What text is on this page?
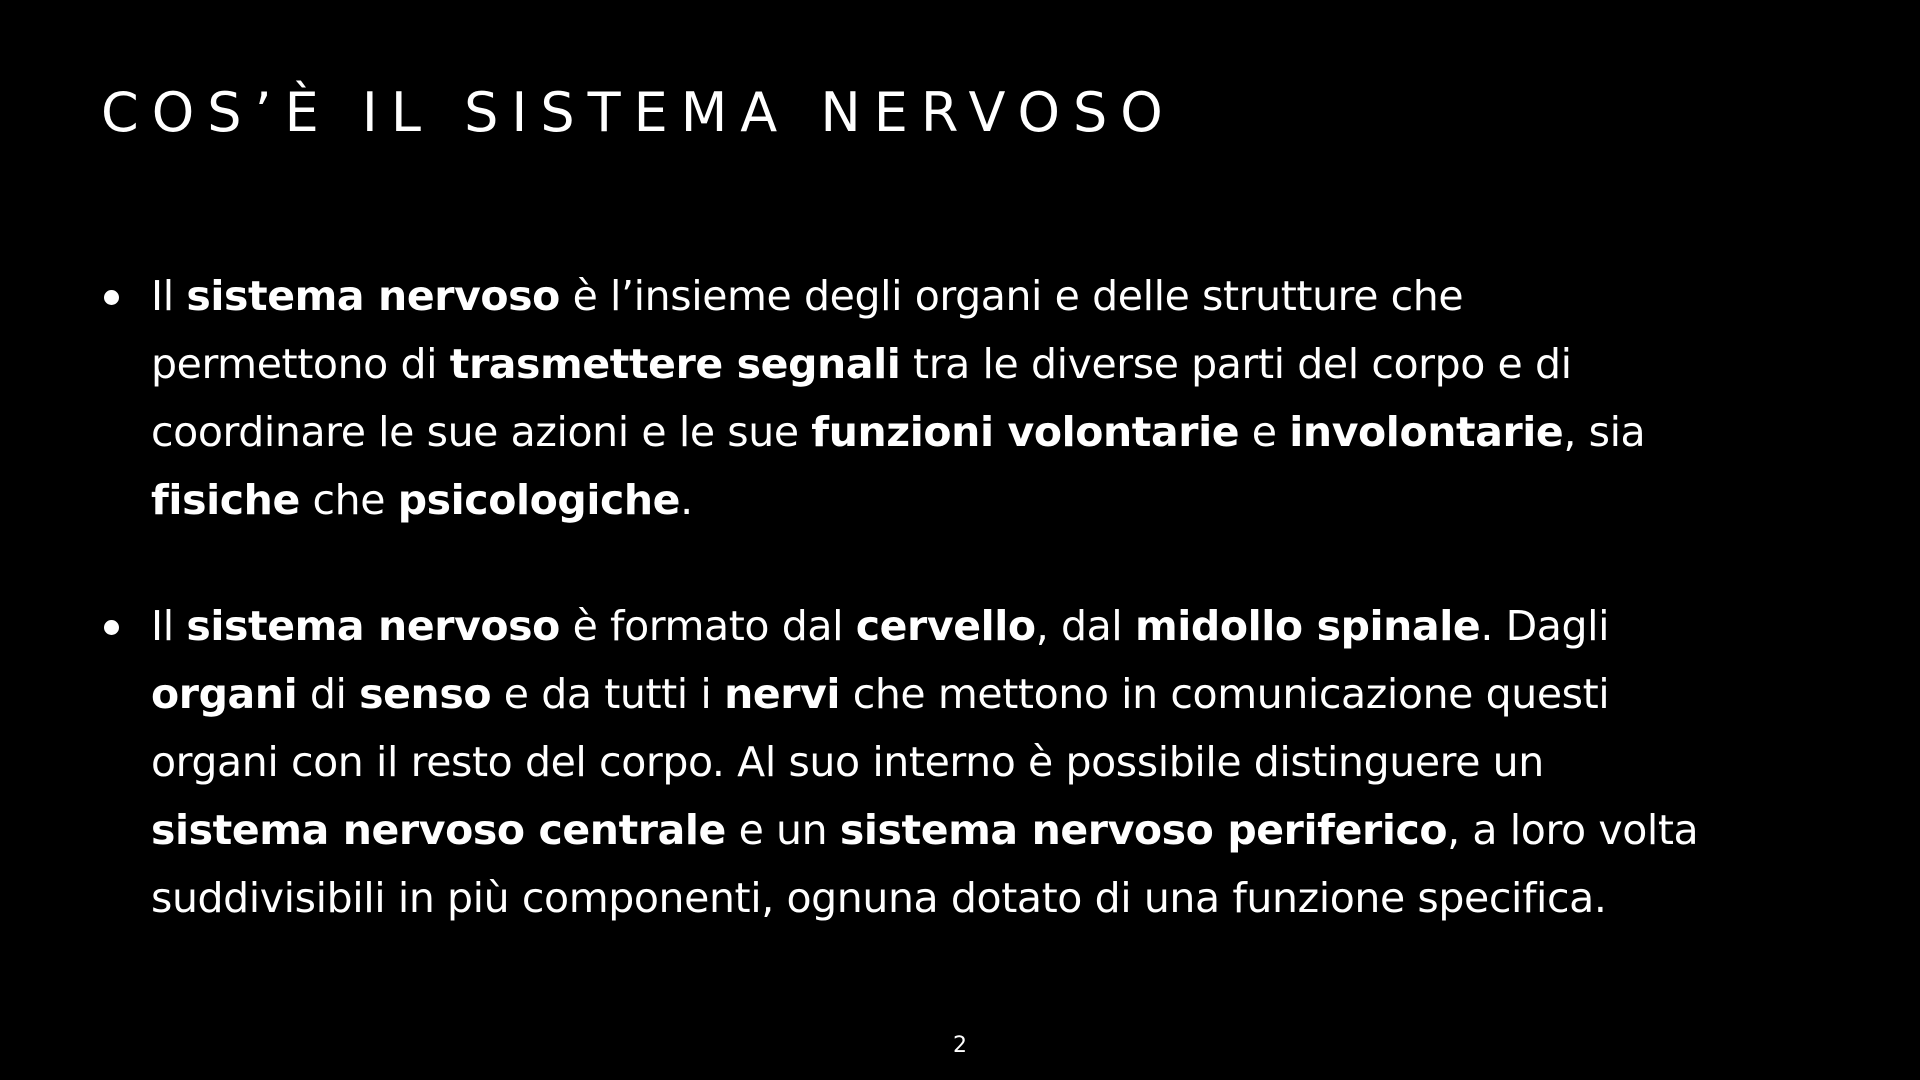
COS’È IL SISTEMA NERVOSO
Il sistema nervoso è l’insieme degli organi e delle strutture che
permettono di trasmettere segnali tra le diverse parti del corpo e di
coordinare le sue azioni e le sue funzioni volontarie e involontarie, sia
fisiche che psicologiche.
Il sistema nervoso è formato dal cervello, dal midollo spinale. Dagli
organi di senso e da tutti i nervi che mettono in comunicazione questi
organi con il resto del corpo. Al suo interno è possibile distinguere un
sistema nervoso centrale e un sistema nervoso periferico, a loro volta
suddivisibili in più componenti, ognuna dotato di una funzione specifica.
2
